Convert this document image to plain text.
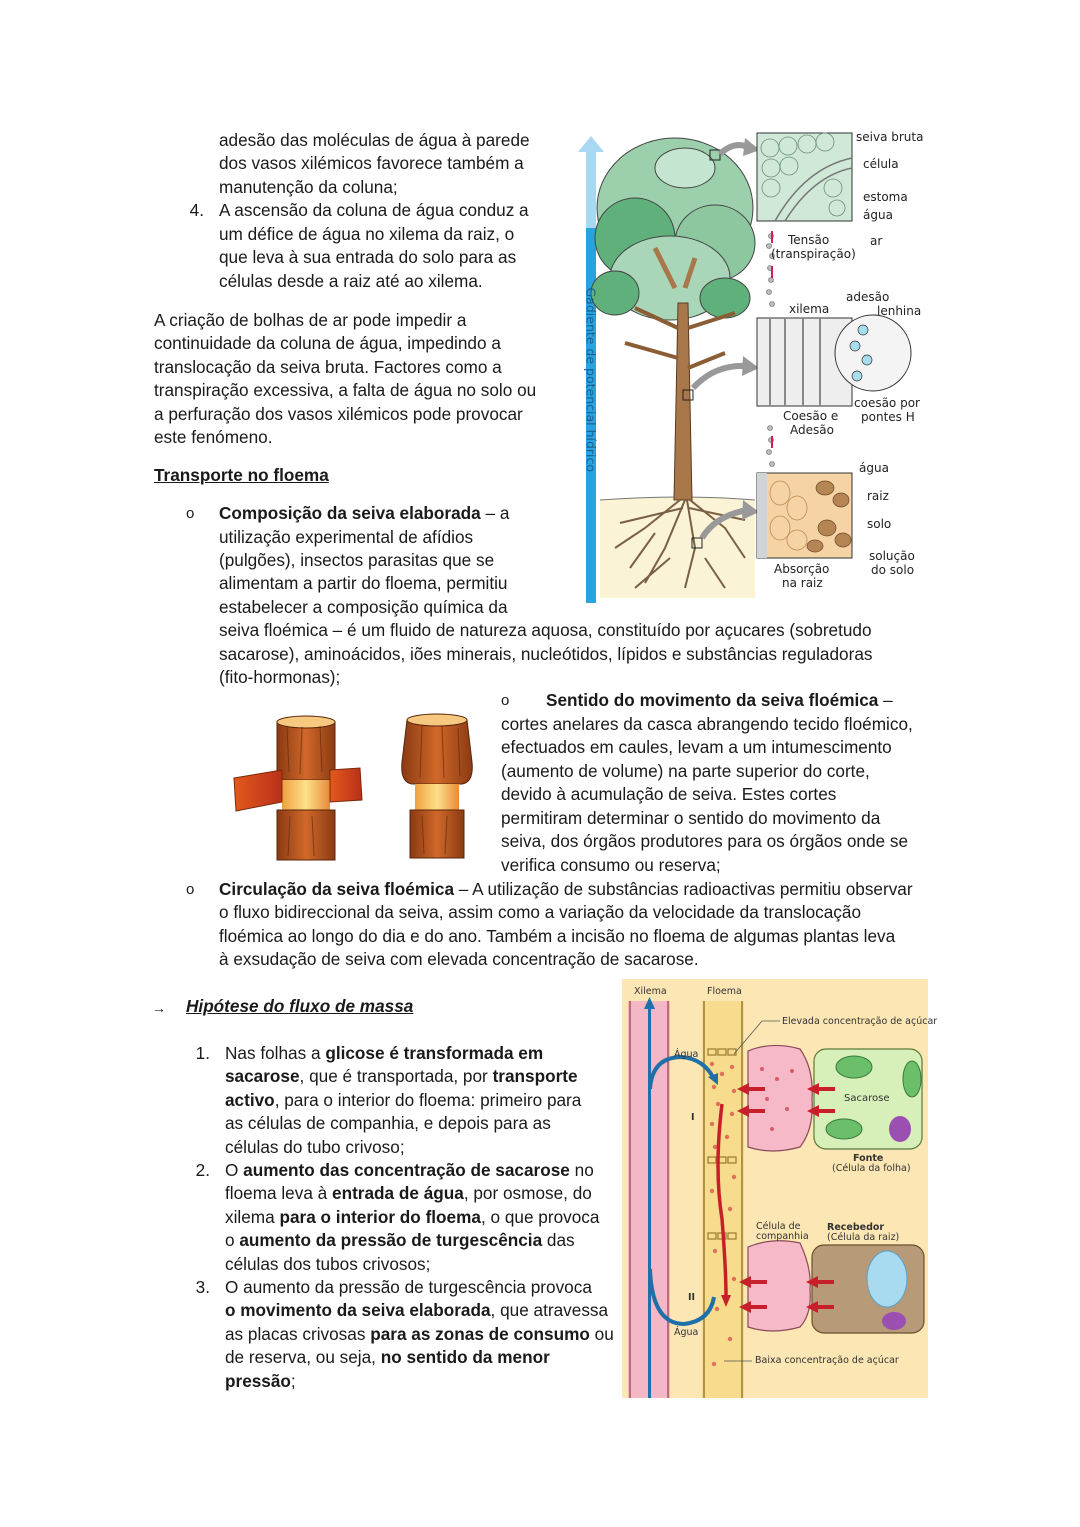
adesão das moléculas de água à parede
dos vasos xilémicos favorece também a
manutenção da coluna;
4. A ascensão da coluna de água conduz a
um défice de água no xilema da raiz, o
que leva à sua entrada do solo para as
células desde a raiz até ao xilema.
A criação de bolhas de ar pode impedir a
continuidade da coluna de água, impedindo a
translocação da seiva bruta. Factores como a
transpiração excessiva, a falta de água no solo ou
a perfuração dos vasos xilémicos pode provocar
este fenómeno.
Transporte no floema
o Composição da seiva elaborada – a
utilização experimental de afídios
(pulgões), insectos parasitas que se
alimentam a partir do floema, permitiu
estabelecer a composição química da
seiva floémica – é um fluido de natureza aquosa, constituído por açucares (sobretudo
sacarose), aminoácidos, iões minerais, nucleótidos, lípidos e substâncias reguladoras
(fito-hormonas);
o Sentido do movimento da seiva floémica –
cortes anelares da casca abrangendo tecido floémico,
efectuados em caules, levam a um intumescimento
(aumento de volume) na parte superior do corte,
devido à acumulação de seiva. Estes cortes
permitiram determinar o sentido do movimento da
seiva, dos órgãos produtores para os órgãos onde se
verifica consumo ou reserva;
o Circulação da seiva floémica – A utilização de substâncias radioactivas permitiu observar
o fluxo bidireccional da seiva, assim como a variação da velocidade da translocação
floémica ao longo do dia e do ano. Também a incisão no floema de algumas plantas leva
à exsudação de seiva com elevada concentração de sacarose.
→ Hipótese do fluxo de massa
1. Nas folhas a glicose é transformada em
sacarose, que é transportada, por transporte
activo, para o interior do floema: primeiro para
as células de companhia, e depois para as
células do tubo crivoso;
2. O aumento das concentração de sacarose no
floema leva à entrada de água, por osmose, do
xilema para o interior do floema, o que provoca
o aumento da pressão de turgescência das
células dos tubos crivosos;
3. O aumento da pressão de turgescência provoca
o movimento da seiva elaborada, que atravessa
as placas crivosas para as zonas de consumo ou
de reserva, ou seja, no sentido da menor
pressão;
Gadiente de potencial hídrico
seiva bruta
célula
estoma
água
ar
Tensão
(transpiração)
xilema
adesão
lenhina
coesão por
pontes H
Coesão e
Adesão
água
raiz
solo
solução
do solo
Absorção
na raiz
Xilema	Floema
Elevada concentração de açúcar
Água
Sacarose
Fonte
(Célula da folha)
Célula de
companhia
Recebedor
(Célula da raiz)
Água
Baixa concentração de açúcar
I
II
